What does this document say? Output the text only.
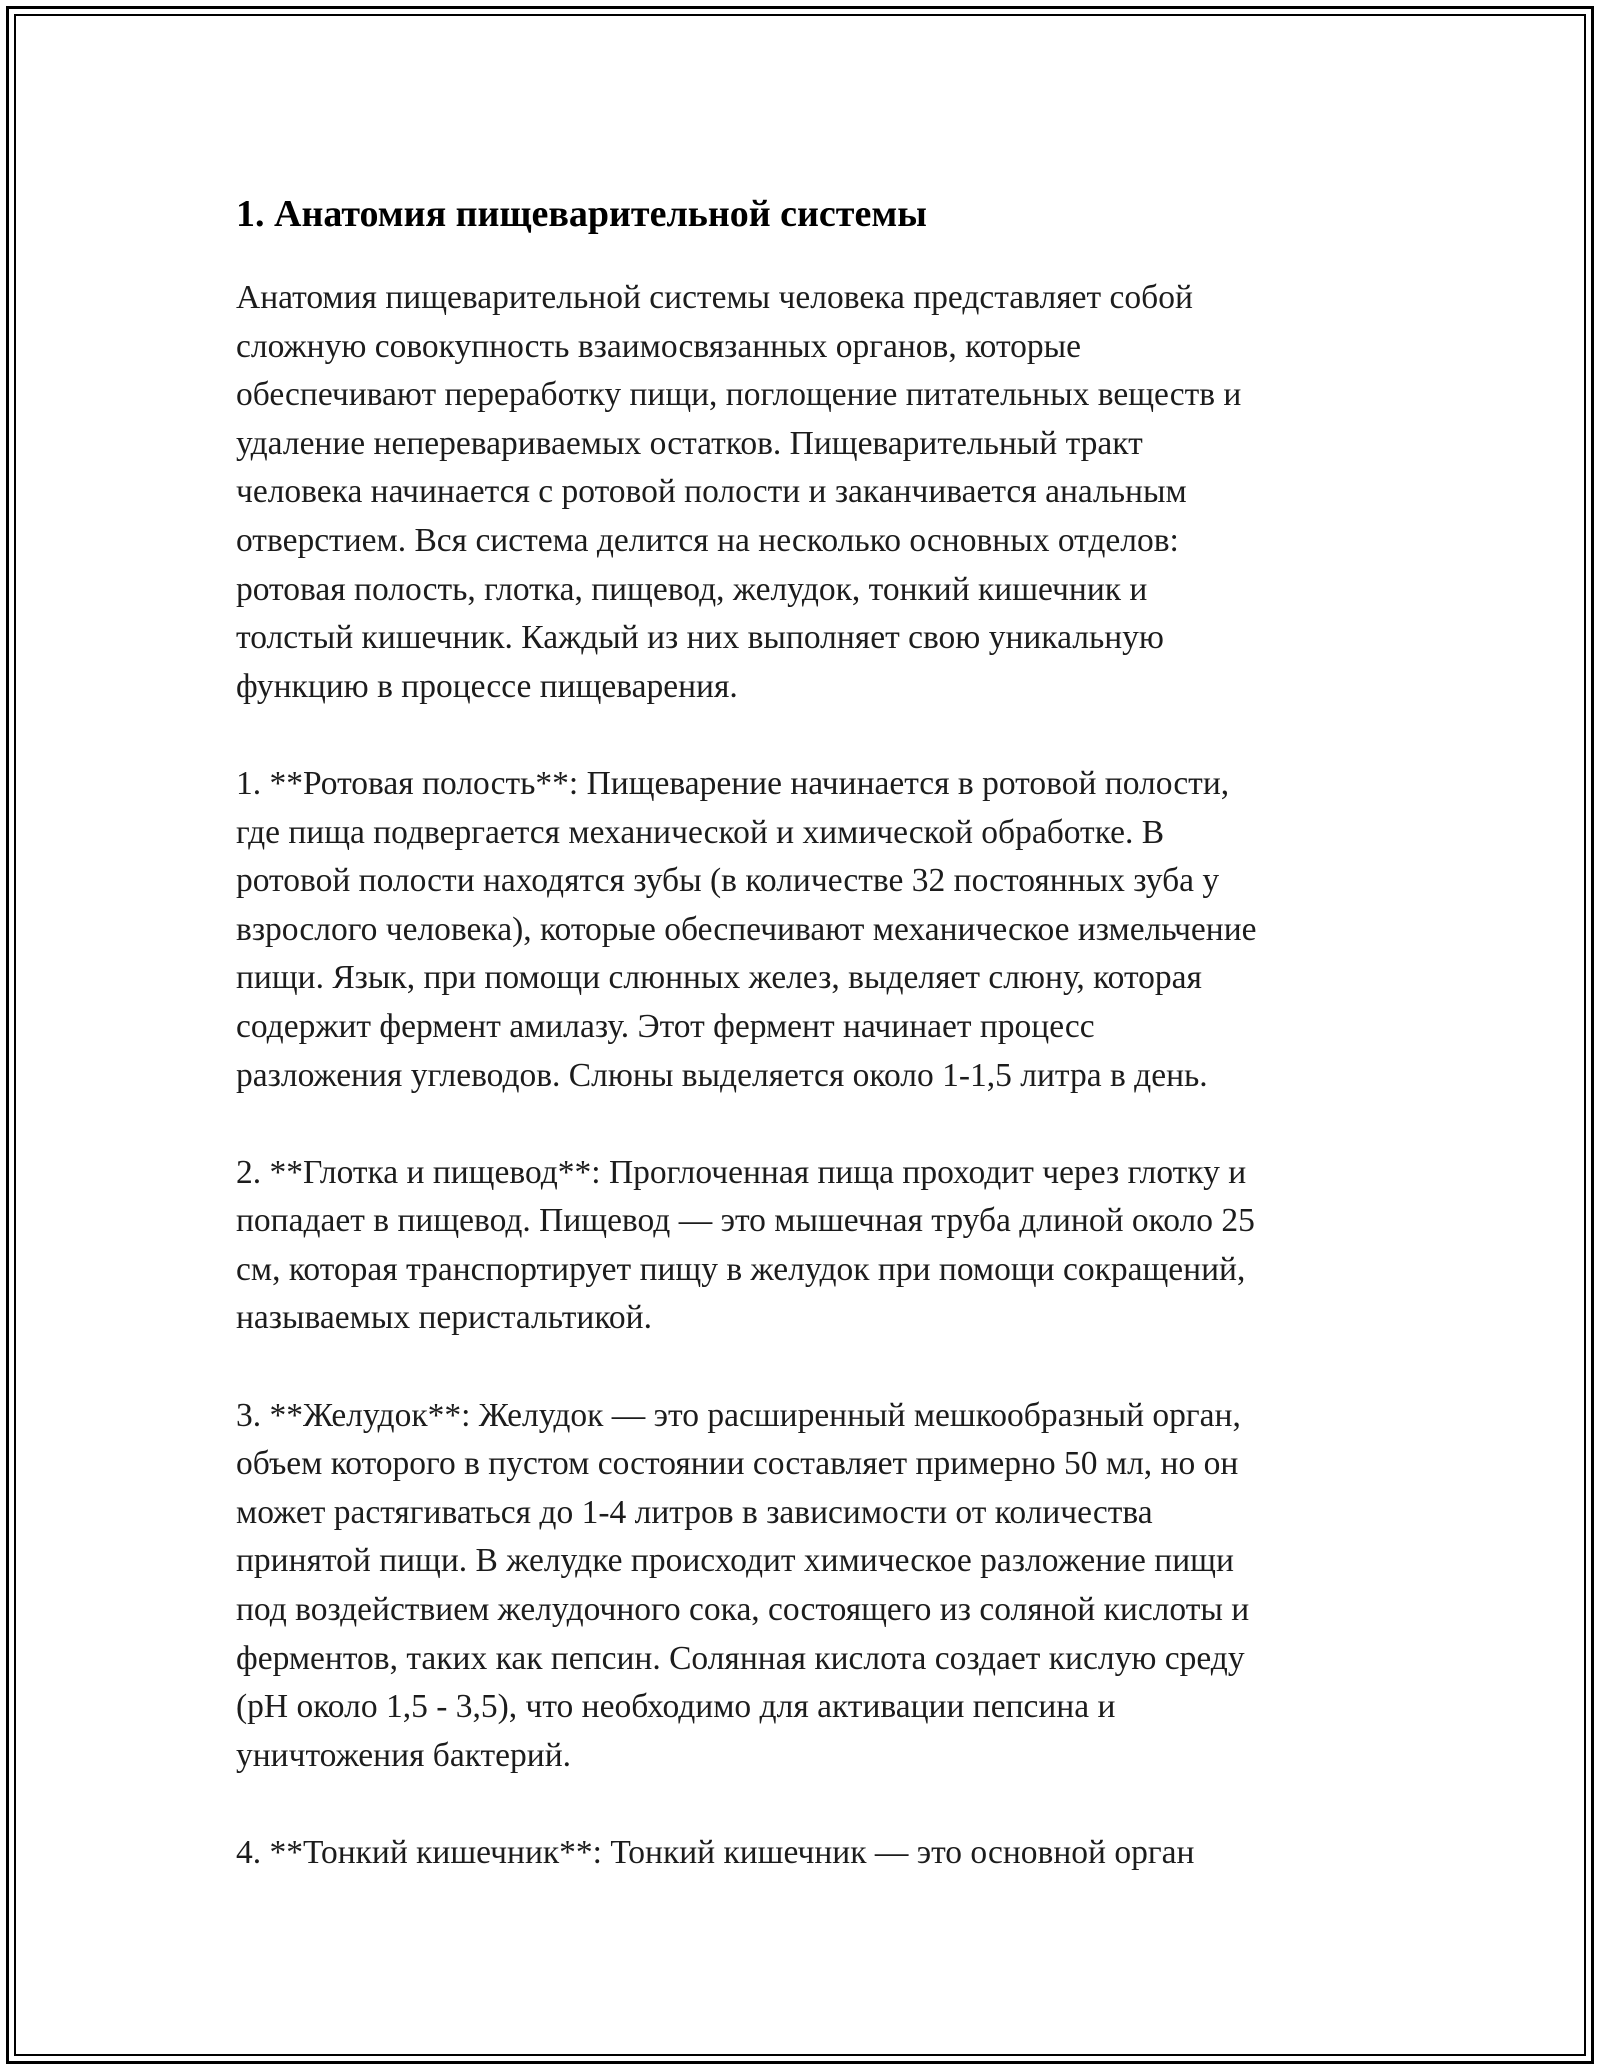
1. Анатомия пищеварительной системы
Анатомия пищеварительной системы человека представляет собой
сложную совокупность взаимосвязанных органов, которые
обеспечивают переработку пищи, поглощение питательных веществ и
удаление неперевариваемых остатков. Пищеварительный тракт
человека начинается с ротовой полости и заканчивается анальным
отверстием. Вся система делится на несколько основных отделов:
ротовая полость, глотка, пищевод, желудок, тонкий кишечник и
толстый кишечник. Каждый из них выполняет свою уникальную
функцию в процессе пищеварения.
1. **Ротовая полость**: Пищеварение начинается в ротовой полости,
где пища подвергается механической и химической обработке. В
ротовой полости находятся зубы (в количестве 32 постоянных зуба у
взрослого человека), которые обеспечивают механическое измельчение
пищи. Язык, при помощи слюнных желез, выделяет слюну, которая
содержит фермент амилазу. Этот фермент начинает процесс
разложения углеводов. Слюны выделяется около 1-1,5 литра в день.
2. **Глотка и пищевод**: Проглоченная пища проходит через глотку и
попадает в пищевод. Пищевод — это мышечная труба длиной около 25
см, которая транспортирует пищу в желудок при помощи сокращений,
называемых перистальтикой.
3. **Желудок**: Желудок — это расширенный мешкообразный орган,
объем которого в пустом состоянии составляет примерно 50 мл, но он
может растягиваться до 1-4 литров в зависимости от количества
принятой пищи. В желудке происходит химическое разложение пищи
под воздействием желудочного сока, состоящего из соляной кислоты и
ферментов, таких как пепсин. Солянная кислота создает кислую среду
(pH около 1,5 - 3,5), что необходимо для активации пепсина и
уничтожения бактерий.
4. **Тонкий кишечник**: Тонкий кишечник — это основной орган
